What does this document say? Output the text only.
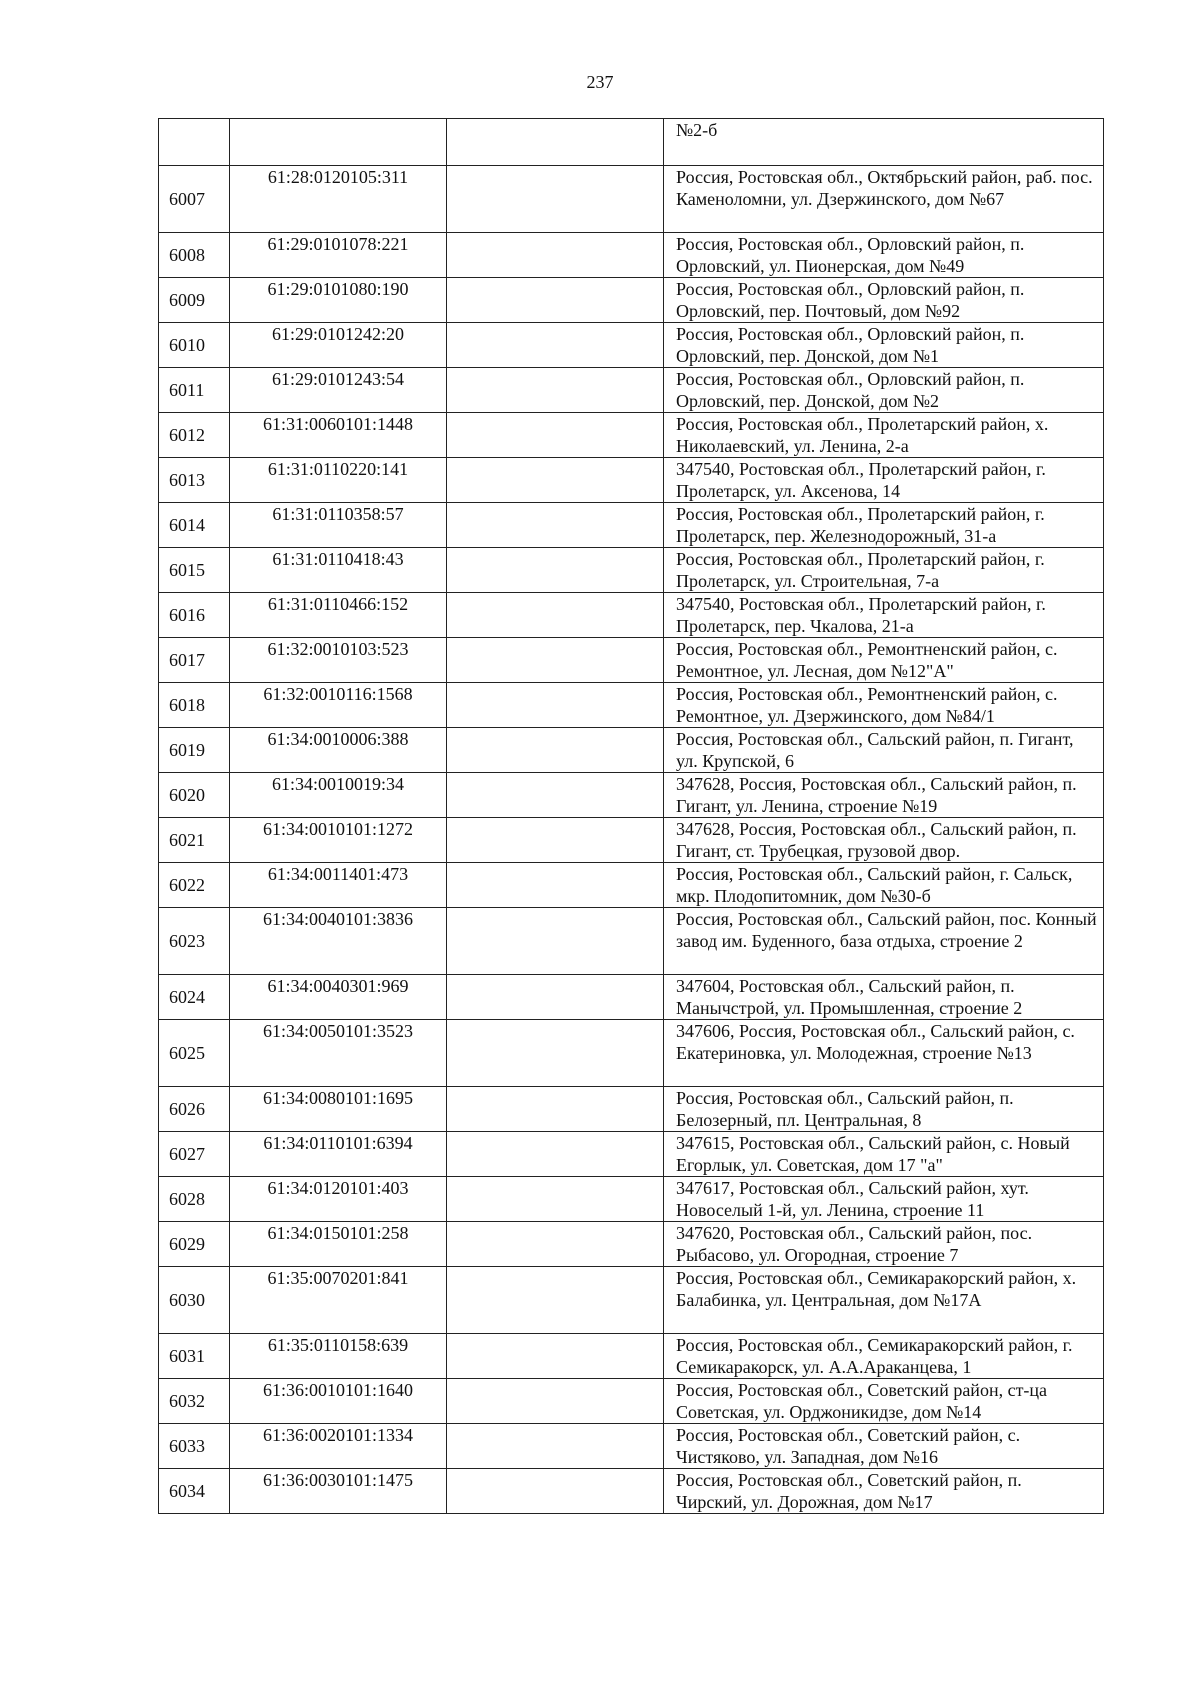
237
			№2-б
6007	61:28:0120105:311		Россия, Ростовская обл., Октябрьский район, раб. пос. Каменоломни, ул. Дзержинского, дом №67
6008	61:29:0101078:221		Россия, Ростовская обл., Орловский район, п. Орловский, ул. Пионерская, дом №49
6009	61:29:0101080:190		Россия, Ростовская обл., Орловский район, п. Орловский, пер. Почтовый, дом №92
6010	61:29:0101242:20		Россия, Ростовская обл., Орловский район, п. Орловский, пер. Донской, дом №1
6011	61:29:0101243:54		Россия, Ростовская обл., Орловский район, п. Орловский, пер. Донской, дом №2
6012	61:31:0060101:1448		Россия, Ростовская обл., Пролетарский район, х. Николаевский, ул. Ленина, 2-а
6013	61:31:0110220:141		347540, Ростовская обл., Пролетарский район, г. Пролетарск, ул. Аксенова, 14
6014	61:31:0110358:57		Россия, Ростовская обл., Пролетарский район, г. Пролетарск, пер. Железнодорожный, 31-а
6015	61:31:0110418:43		Россия, Ростовская обл., Пролетарский район, г. Пролетарск, ул. Строительная, 7-а
6016	61:31:0110466:152		347540, Ростовская обл., Пролетарский район, г. Пролетарск, пер. Чкалова, 21-а
6017	61:32:0010103:523		Россия, Ростовская обл., Ремонтненский район, с. Ремонтное, ул. Лесная, дом №12"А"
6018	61:32:0010116:1568		Россия, Ростовская обл., Ремонтненский район, с. Ремонтное, ул. Дзержинского, дом №84/1
6019	61:34:0010006:388		Россия, Ростовская обл., Сальский район, п. Гигант, ул. Крупской, 6
6020	61:34:0010019:34		347628, Россия, Ростовская обл., Сальский район, п. Гигант, ул. Ленина, строение №19
6021	61:34:0010101:1272		347628, Россия, Ростовская обл., Сальский район, п. Гигант, ст. Трубецкая, грузовой двор.
6022	61:34:0011401:473		Россия, Ростовская обл., Сальский район, г. Сальск, мкр. Плодопитомник, дом №30-б
6023	61:34:0040101:3836		Россия, Ростовская обл., Сальский район, пос. Конный завод им. Буденного, база отдыха, строение 2
6024	61:34:0040301:969		347604, Ростовская обл., Сальский район, п. Манычстрой, ул. Промышленная, строение 2
6025	61:34:0050101:3523		347606, Россия, Ростовская обл., Сальский район, с. Екатериновка, ул. Молодежная, строение №13
6026	61:34:0080101:1695		Россия, Ростовская обл., Сальский район, п. Белозерный, пл. Центральная, 8
6027	61:34:0110101:6394		347615, Ростовская обл., Сальский район, с. Новый Егорлык, ул. Советская, дом 17 "а"
6028	61:34:0120101:403		347617, Ростовская обл., Сальский район, хут. Новоселый 1-й, ул. Ленина, строение 11
6029	61:34:0150101:258		347620, Ростовская обл., Сальский район, пос. Рыбасово, ул. Огородная, строение 7
6030	61:35:0070201:841		Россия, Ростовская обл., Семикаракорский район, х. Балабинка, ул. Центральная, дом №17А
6031	61:35:0110158:639		Россия, Ростовская обл., Семикаракорский район, г. Семикаракорск, ул. А.А.Араканцева, 1
6032	61:36:0010101:1640		Россия, Ростовская обл., Советский район, ст-ца Советская, ул. Орджоникидзе, дом №14
6033	61:36:0020101:1334		Россия, Ростовская обл., Советский район, с. Чистяково, ул. Западная, дом №16
6034	61:36:0030101:1475		Россия, Ростовская обл., Советский район, п. Чирский, ул. Дорожная, дом №17
